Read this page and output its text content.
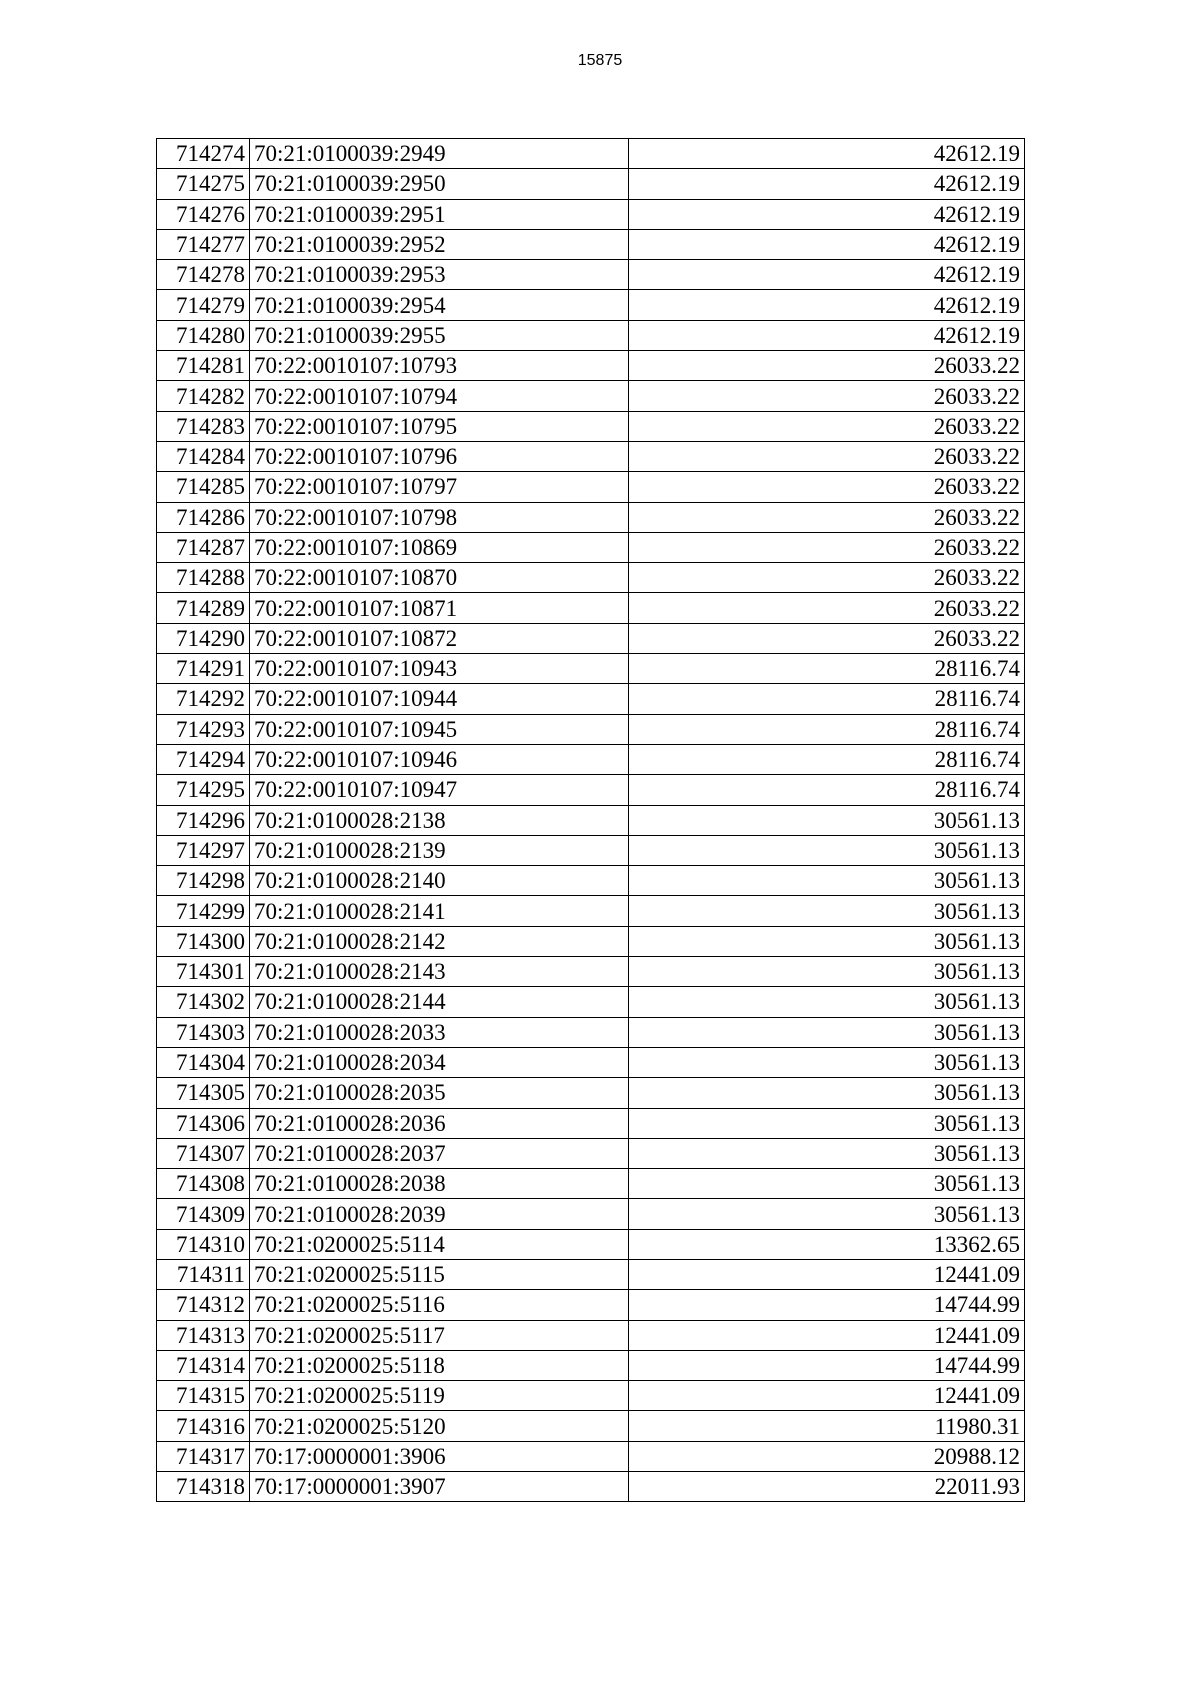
15875
714274	70:21:0100039:2949	42612.19
714275	70:21:0100039:2950	42612.19
714276	70:21:0100039:2951	42612.19
714277	70:21:0100039:2952	42612.19
714278	70:21:0100039:2953	42612.19
714279	70:21:0100039:2954	42612.19
714280	70:21:0100039:2955	42612.19
714281	70:22:0010107:10793	26033.22
714282	70:22:0010107:10794	26033.22
714283	70:22:0010107:10795	26033.22
714284	70:22:0010107:10796	26033.22
714285	70:22:0010107:10797	26033.22
714286	70:22:0010107:10798	26033.22
714287	70:22:0010107:10869	26033.22
714288	70:22:0010107:10870	26033.22
714289	70:22:0010107:10871	26033.22
714290	70:22:0010107:10872	26033.22
714291	70:22:0010107:10943	28116.74
714292	70:22:0010107:10944	28116.74
714293	70:22:0010107:10945	28116.74
714294	70:22:0010107:10946	28116.74
714295	70:22:0010107:10947	28116.74
714296	70:21:0100028:2138	30561.13
714297	70:21:0100028:2139	30561.13
714298	70:21:0100028:2140	30561.13
714299	70:21:0100028:2141	30561.13
714300	70:21:0100028:2142	30561.13
714301	70:21:0100028:2143	30561.13
714302	70:21:0100028:2144	30561.13
714303	70:21:0100028:2033	30561.13
714304	70:21:0100028:2034	30561.13
714305	70:21:0100028:2035	30561.13
714306	70:21:0100028:2036	30561.13
714307	70:21:0100028:2037	30561.13
714308	70:21:0100028:2038	30561.13
714309	70:21:0100028:2039	30561.13
714310	70:21:0200025:5114	13362.65
714311	70:21:0200025:5115	12441.09
714312	70:21:0200025:5116	14744.99
714313	70:21:0200025:5117	12441.09
714314	70:21:0200025:5118	14744.99
714315	70:21:0200025:5119	12441.09
714316	70:21:0200025:5120	11980.31
714317	70:17:0000001:3906	20988.12
714318	70:17:0000001:3907	22011.93
